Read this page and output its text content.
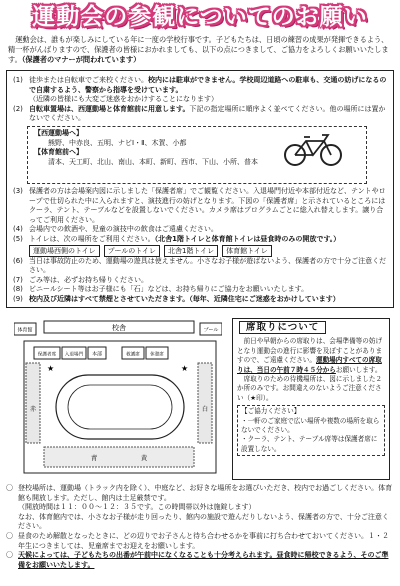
運動会の参観についてのお願い
運動会は、誰もが楽しみにしている年に一度の学校行事です。子どもたちは、日頃の練習の成果が発揮できるよう、精一杯がんばりますので、保護者の皆様におかれましても、以下の点につきまして、ご協力をよろしくお願いいたします。（保護者のマナーが問われています）
(1) 徒歩または自転車でご来校ください。校内には駐車ができません。学校周辺道路への駐車も、交通の妨げになるので自粛するよう、警察から指導を受けています。
（近隣の皆様にも大変ご迷惑をおかけすることになります）
(2) 自転車置場は、西運動場と体育館前に用意します。下記の指定場所に順序よく並べてください。他の場所には置かないでください。
【西運動場へ】
熊野、中赤良、五明、ナビⅠ・Ⅱ、木賀、小都
【体育館前へ】
清本、天工町、北山、南山、本町、新町、西市、下山、小所、普本
(3) 保護者の方は会場案内図に示しました「保護者席」でご観覧ください。入退場門付近や本部付近など、テントやロープで仕切られた中に入られますと、演技進行の妨げとなります。下図の「保護者席」と示されているところにはクーラ、テント、テーブルなどを設置しないでください。カメラ席はプログラムごとに総入れ替えします。譲り合ってご利用ください。
(4) 会場内での飲酒や、児童の演技中の飲食はご遠慮ください。
(5) トイレは、次の場所をご利用ください。（北舎1階トイレと体育館トイレは昼食時のみの開放です。）
運動場西側のトイレ プールのトイレ 北舎1階トイレ 体育館トイレ
(6) 当日は事故防止のため、運動場の遊具は使えません。小さなお子様が遊ばないよう、保護者の方で十分ご注意ください。
(7) ごみ等は、必ずお持ち帰りください。
(8) ビニールシート等はお子様にも「石」などは、お持ち帰りにご協力をお願いいたします。
(9) 校内及び近隣はすべて禁煙とさせていただきます。（毎年、近隣住宅にご迷惑をおかけしています）
校舎
体育館	プール
保護者席 入退場門 本部	救護席 休憩席
赤	白
青	黄
★	★
席取りについて

前日や早朝からの席取りは、会場準備等の妨げとなり運動会の進行に影響を及ぼすことがありますので、ご遠慮ください。運動場内すべての席取りは、当日の午前７時４５分からお願いします。

席取りのための待機場所は、図に示しました２か所のみです。お間違えのないようご注意ください（★印）。

【ご協力ください】
・一軒のご家庭で広い場所や複数の場所を取らないでください。
・クーラ、テント、テーブル席等は保護者席に設置しない。
〇 登校場所は、運動場（トラック内を除く）、中庭など、お好きな場所をお選びいただき、校内でお過ごしください。体育館も開放します。ただし、館内は土足厳禁です。
（開放時間は１１：００～１２：３５です。この時間帯以外は施錠します）
なお、体育館内では、小さなお子様が走り回ったり、館内の施設で遊んだりしないよう、保護者の方で、十分ご注意ください。
〇 昼食のため解散となったときに、どの辺りでお子さんと待ち合わせるかを事前に打ち合わせておいてください。１・２年生につきましては、児童席までお迎えをお願いします。
〇 天候によっては、子どもたちの出番が午前中になくなることも十分考えられます。昼食時に帰校できるよう、そのご準備をお願いいたします。
